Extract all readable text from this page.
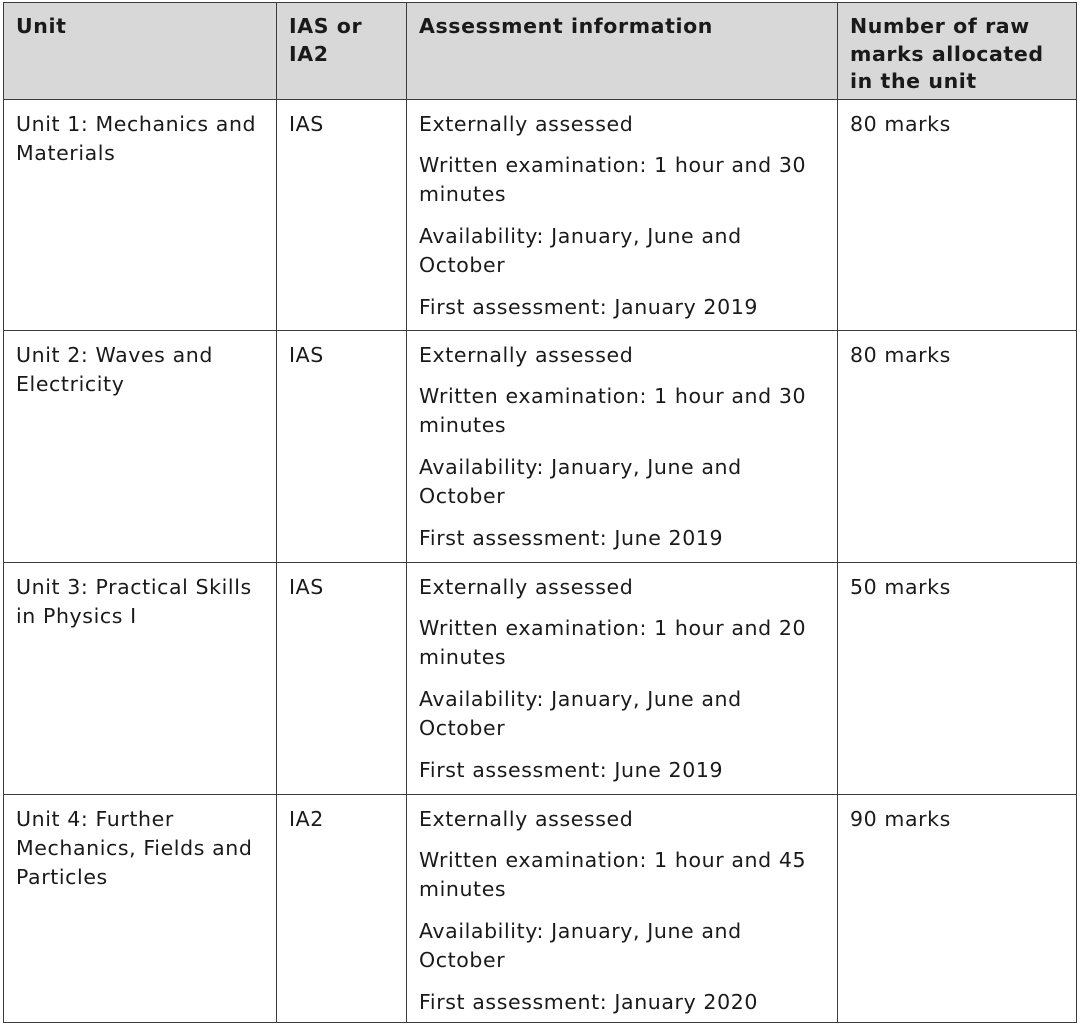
Unit	IAS or IA2	Assessment information	Number of raw marks allocated in the unit
Unit 1: Mechanics and Materials	IAS	Externally assessed

Written examination: 1 hour and 30 minutes

Availability: January, June and October

First assessment: January 2019	80 marks
Unit 2: Waves and Electricity	IAS	Externally assessed

Written examination: 1 hour and 30 minutes

Availability: January, June and October

First assessment: June 2019	80 marks
Unit 3: Practical Skills in Physics I	IAS	Externally assessed

Written examination: 1 hour and 20 minutes

Availability: January, June and October

First assessment: June 2019	50 marks
Unit 4: Further Mechanics, Fields and Particles	IA2	Externally assessed

Written examination: 1 hour and 45 minutes

Availability: January, June and October

First assessment: January 2020	90 marks
